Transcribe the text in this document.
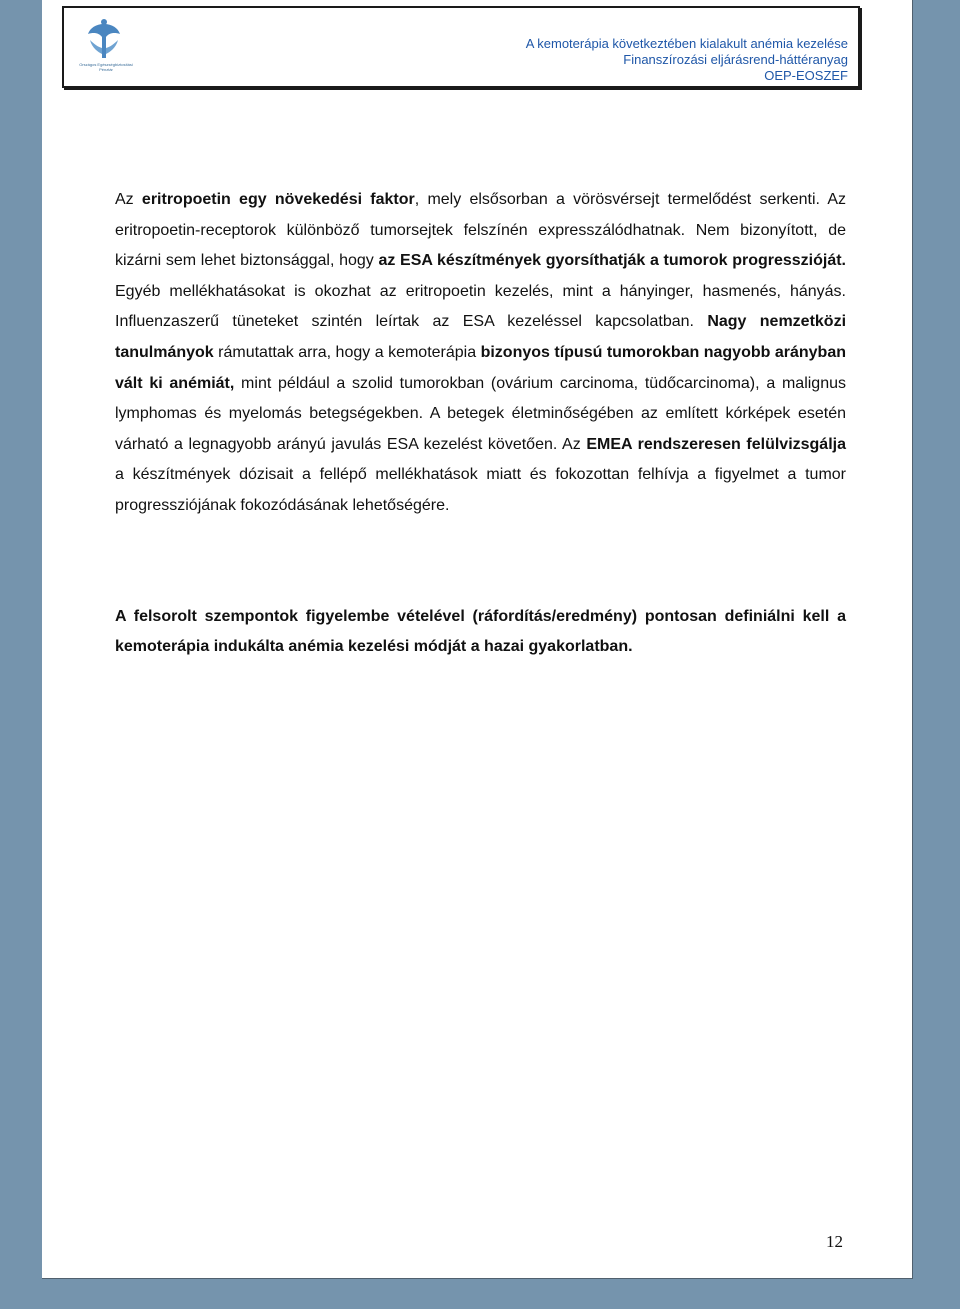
Országos Egészségbiztosítási Pénztár
A kemoterápia következtében kialakult anémia kezelése
Finanszírozási eljárásrend-háttéranyag
OEP-EOSZEF

Az eritropoetin egy növekedési faktor, mely elsősorban a vörösvérsejt termelődést serkenti. Az eritropoetin-receptorok különböző tumorsejtek felszínén expresszálódhatnak. Nem bizonyított, de kizárni sem lehet biztonsággal, hogy az ESA készítmények gyorsíthatják a tumorok progresszióját. Egyéb mellékhatásokat is okozhat az eritropoetin kezelés, mint a hányinger, hasmenés, hányás. Influenzaszerű tüneteket szintén leírtak az ESA kezeléssel kapcsolatban. Nagy nemzetközi tanulmányok rámutattak arra, hogy a kemoterápia bizonyos típusú tumorokban nagyobb arányban vált ki anémiát, mint például a szolid tumorokban (ovárium carcinoma, tüdőcarcinoma), a malignus lymphomas és myelomás betegségekben. A betegek életminőségében az említett kórképek esetén várható a legnagyobb arányú javulás ESA kezelést követően. Az EMEA rendszeresen felülvizsgálja a készítmények dózisait a fellépő mellékhatások miatt és fokozottan felhívja a figyelmet a tumor progressziójának fokozódásának lehetőségére.

A felsorolt szempontok figyelembe vételével (ráfordítás/eredmény) pontosan definiálni kell a kemoterápia indukálta anémia kezelési módját a hazai gyakorlatban.

12
